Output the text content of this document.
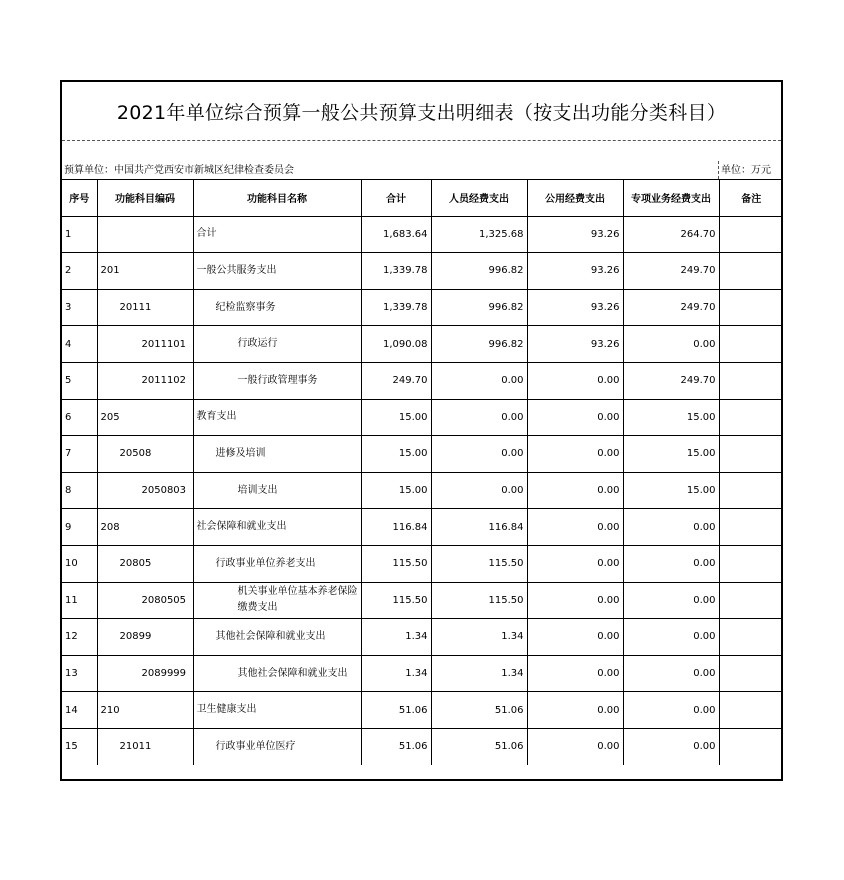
2021年单位综合预算一般公共预算支出明细表（按支出功能分类科目）
预算单位：中国共产党西安市新城区纪律检查委员会	单位：万元
序号	功能科目编码	功能科目名称	合计	人员经费支出	公用经费支出	专项业务经费支出	备注
1		合计	1,683.64	1,325.68	93.26	264.70	
2	201	一般公共服务支出	1,339.78	996.82	93.26	249.70	
3	20111	纪检监察事务	1,339.78	996.82	93.26	249.70	
4	2011101	行政运行	1,090.08	996.82	93.26	0.00	
5	2011102	一般行政管理事务	249.70	0.00	0.00	249.70	
6	205	教育支出	15.00	0.00	0.00	15.00	
7	20508	进修及培训	15.00	0.00	0.00	15.00	
8	2050803	培训支出	15.00	0.00	0.00	15.00	
9	208	社会保障和就业支出	116.84	116.84	0.00	0.00	
10	20805	行政事业单位养老支出	115.50	115.50	0.00	0.00	
11	2080505	机关事业单位基本养老保险缴费支出	115.50	115.50	0.00	0.00	
12	20899	其他社会保障和就业支出	1.34	1.34	0.00	0.00	
13	2089999	其他社会保障和就业支出	1.34	1.34	0.00	0.00	
14	210	卫生健康支出	51.06	51.06	0.00	0.00	
15	21011	行政事业单位医疗	51.06	51.06	0.00	0.00	
